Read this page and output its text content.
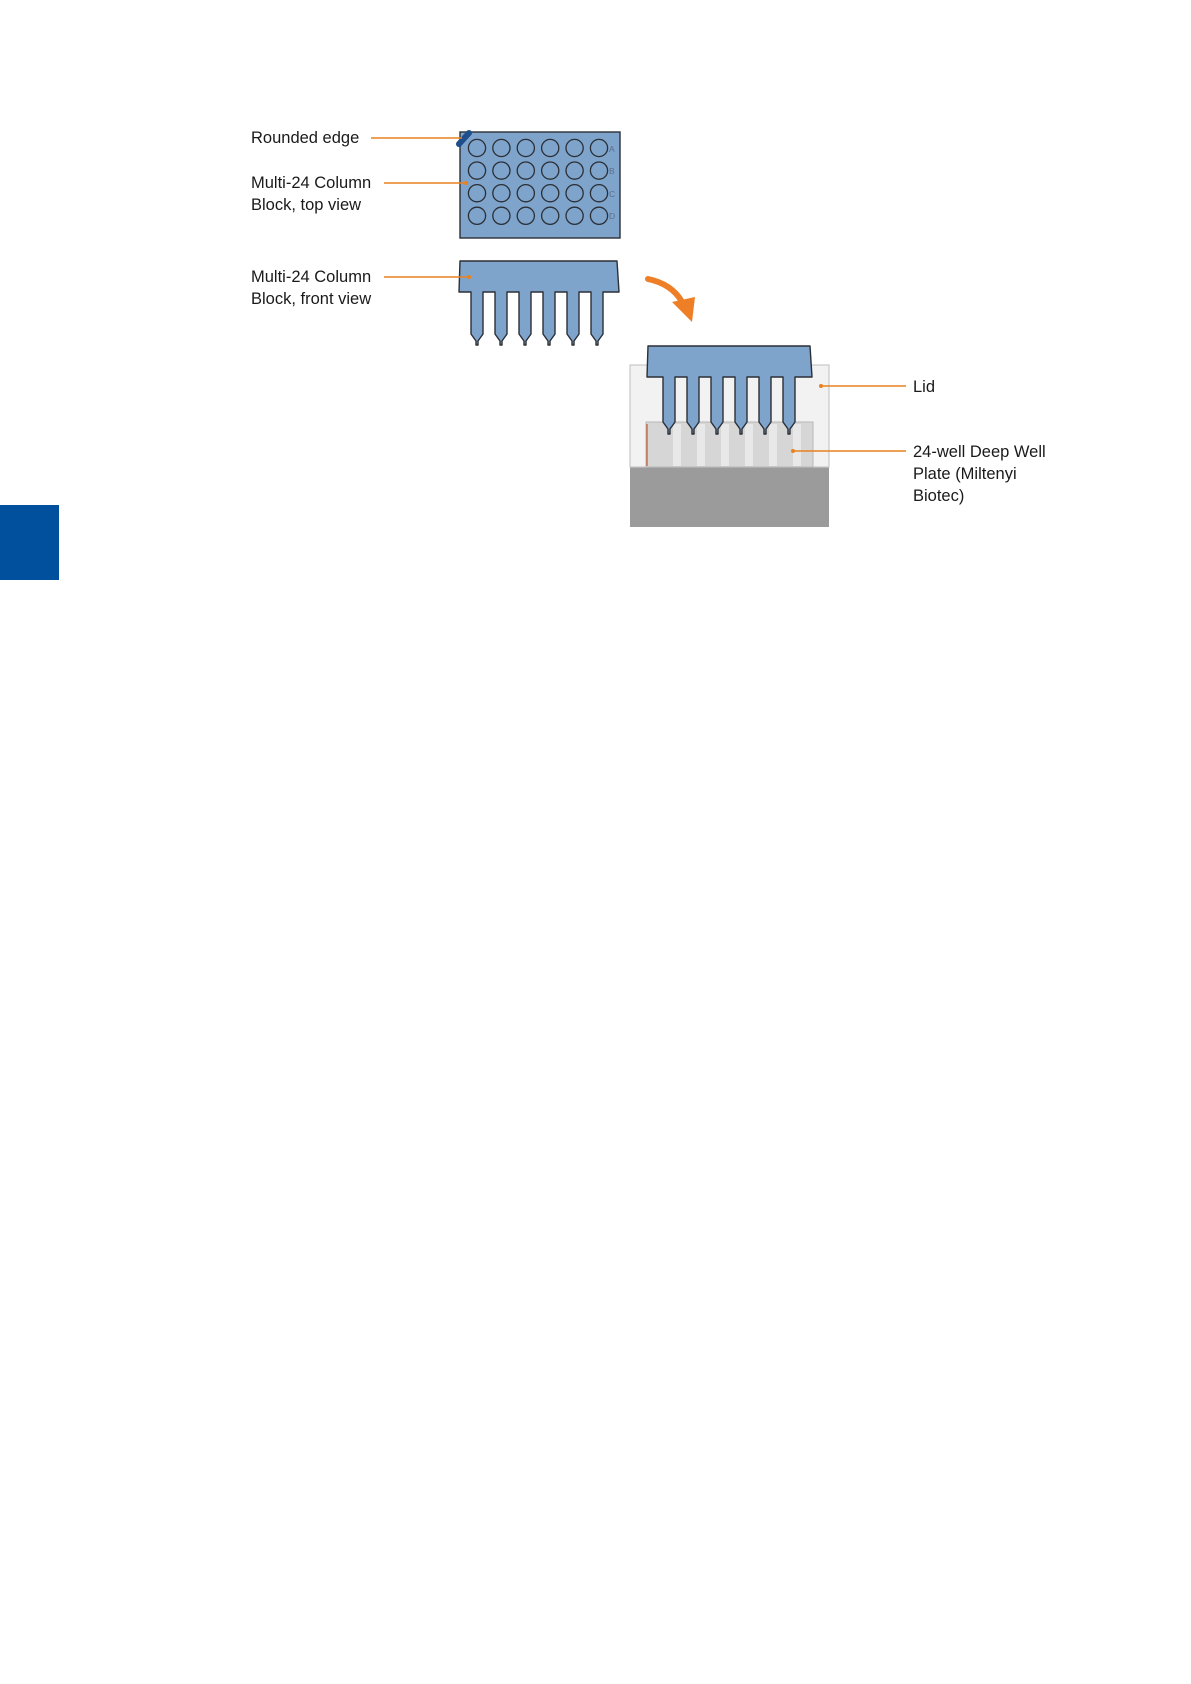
A
B
C
D
Rounded edge
Multi-24 Column
Block, top view
Multi-24 Column
Block, front view
Lid
24-well Deep Well
Plate (Miltenyi
Biotec)
